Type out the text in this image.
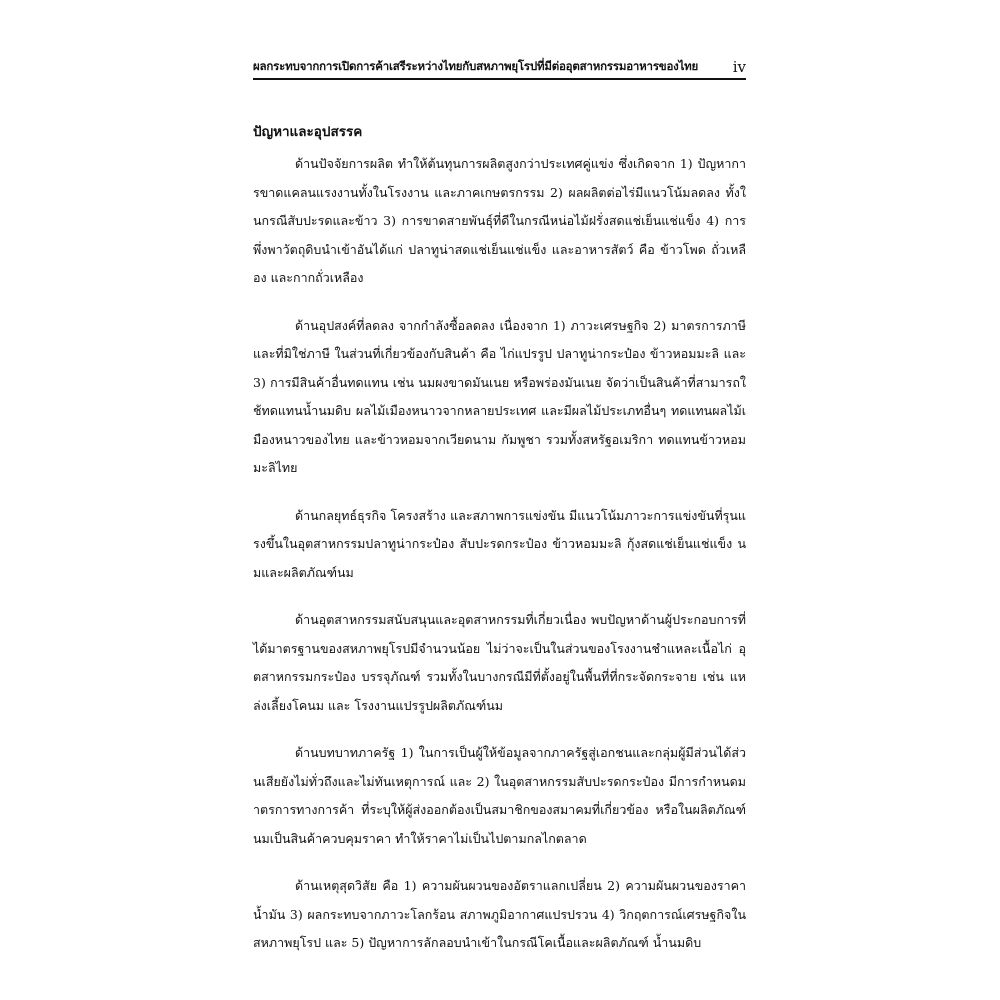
ผลกระทบจากการเปิดการค้าเสรีระหว่างไทยกับสหภาพยุโรปที่มีต่ออุตสาหกรรมอาหารของไทย iv
ปัญหาและอุปสรรค

ด้านปัจจัยการผลิต ทำให้ต้นทุนการผลิตสูงกว่าประเทศคู่แข่ง ซึ่งเกิดจาก 1) ปัญหาการขาดแคลนแรงงานทั้งในโรงงาน และภาคเกษตรกรรม 2) ผลผลิตต่อไร่มีแนวโน้มลดลง ทั้งในกรณีสับปะรดและข้าว 3) การขาดสายพันธุ์ที่ดีในกรณีหน่อไม้ฝรั่งสดแช่เย็นแช่แข็ง 4) การพึ่งพาวัตถุดิบนำเข้าอันได้แก่ ปลาทูน่าสดแช่เย็นแช่แข็ง และอาหารสัตว์ คือ ข้าวโพด ถั่วเหลือง และกากถั่วเหลือง

ด้านอุปสงค์ที่ลดลง จากกำลังซื้อลดลง เนื่องจาก 1) ภาวะเศรษฐกิจ 2) มาตรการภาษีและที่มิใช่ภาษี ในส่วนที่เกี่ยวข้องกับสินค้า คือ ไก่แปรรูป ปลาทูน่ากระป๋อง ข้าวหอมมะลิ และ 3) การมีสินค้าอื่นทดแทน เช่น นมผงขาดมันเนย หรือพร่องมันเนย จัดว่าเป็นสินค้าที่สามารถใช้ทดแทนน้ำนมดิบ ผลไม้เมืองหนาวจากหลายประเทศ และมีผลไม้ประเภทอื่นๆ ทดแทนผลไม้เมืองหนาวของไทย และข้าวหอมจากเวียดนาม กัมพูชา รวมทั้งสหรัฐอเมริกา ทดแทนข้าวหอมมะลิไทย

ด้านกลยุทธ์ธุรกิจ โครงสร้าง และสภาพการแข่งขัน มีแนวโน้มภาวะการแข่งขันที่รุนแรงขึ้นในอุตสาหกรรมปลาทูน่ากระป๋อง สับปะรดกระป๋อง ข้าวหอมมะลิ กุ้งสดแช่เย็นแช่แข็ง นมและผลิตภัณฑ์นม

ด้านอุตสาหกรรมสนับสนุนและอุตสาหกรรมที่เกี่ยวเนื่อง พบปัญหาด้านผู้ประกอบการที่ได้มาตรฐานของสหภาพยุโรปมีจำนวนน้อย ไม่ว่าจะเป็นในส่วนของโรงงานชำแหละเนื้อไก่ อุตสาหกรรมกระป๋อง บรรจุภัณฑ์ รวมทั้งในบางกรณีมีที่ตั้งอยู่ในพื้นที่ที่กระจัดกระจาย เช่น แหล่งเลี้ยงโคนม และ โรงงานแปรรูปผลิตภัณฑ์นม

ด้านบทบาทภาครัฐ 1) ในการเป็นผู้ให้ข้อมูลจากภาครัฐสู่เอกชนและกลุ่มผู้มีส่วนได้ส่วนเสียยังไม่ทั่วถึงและไม่ทันเหตุการณ์ และ 2) ในอุตสาหกรรมสับปะรดกระป๋อง มีการกำหนดมาตรการทางการค้า ที่ระบุให้ผู้ส่งออกต้องเป็นสมาชิกของสมาคมที่เกี่ยวข้อง หรือในผลิตภัณฑ์นมเป็นสินค้าควบคุมราคา ทำให้ราคาไม่เป็นไปตามกลไกตลาด

ด้านเหตุสุดวิสัย คือ 1) ความผันผวนของอัตราแลกเปลี่ยน 2) ความผันผวนของราคาน้ำมัน 3) ผลกระทบจากภาวะโลกร้อน สภาพภูมิอากาศแปรปรวน 4) วิกฤตการณ์เศรษฐกิจในสหภาพยุโรป และ 5) ปัญหาการลักลอบนำเข้าในกรณีโคเนื้อและผลิตภัณฑ์ น้ำนมดิบ
